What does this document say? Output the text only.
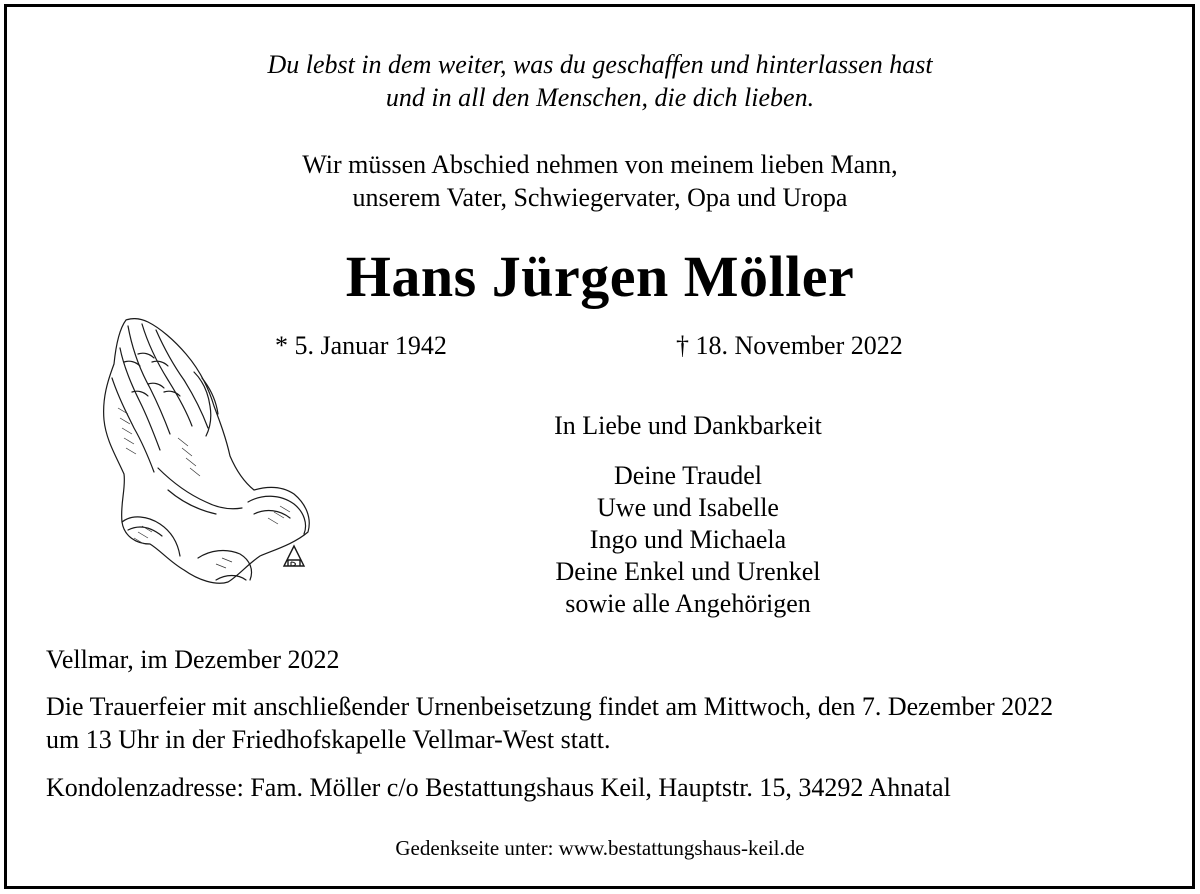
Du lebst in dem weiter, was du geschaffen und hinterlassen hast

und in all den Menschen, die dich lieben.

Wir müssen Abschied nehmen von meinem lieben Mann,

unserem Vater, Schwiegervater, Opa und Uropa

Hans Jürgen Möller

* 5. Januar 1942	† 18. November 2022

In Liebe und Dankbarkeit

Deine Traudel

Uwe und Isabelle

Ingo und Michaela

Deine Enkel und Urenkel

sowie alle Angehörigen

Vellmar, im Dezember 2022

Die Trauerfeier mit anschließender Urnenbeisetzung findet am Mittwoch, den 7. Dezember 2022

um 13 Uhr in der Friedhofskapelle Vellmar-West statt.

Kondolenzadresse: Fam. Möller c/o Bestattungshaus Keil, Hauptstr. 15, 34292 Ahnatal

Gedenkseite unter: www.bestattungshaus-keil.de
